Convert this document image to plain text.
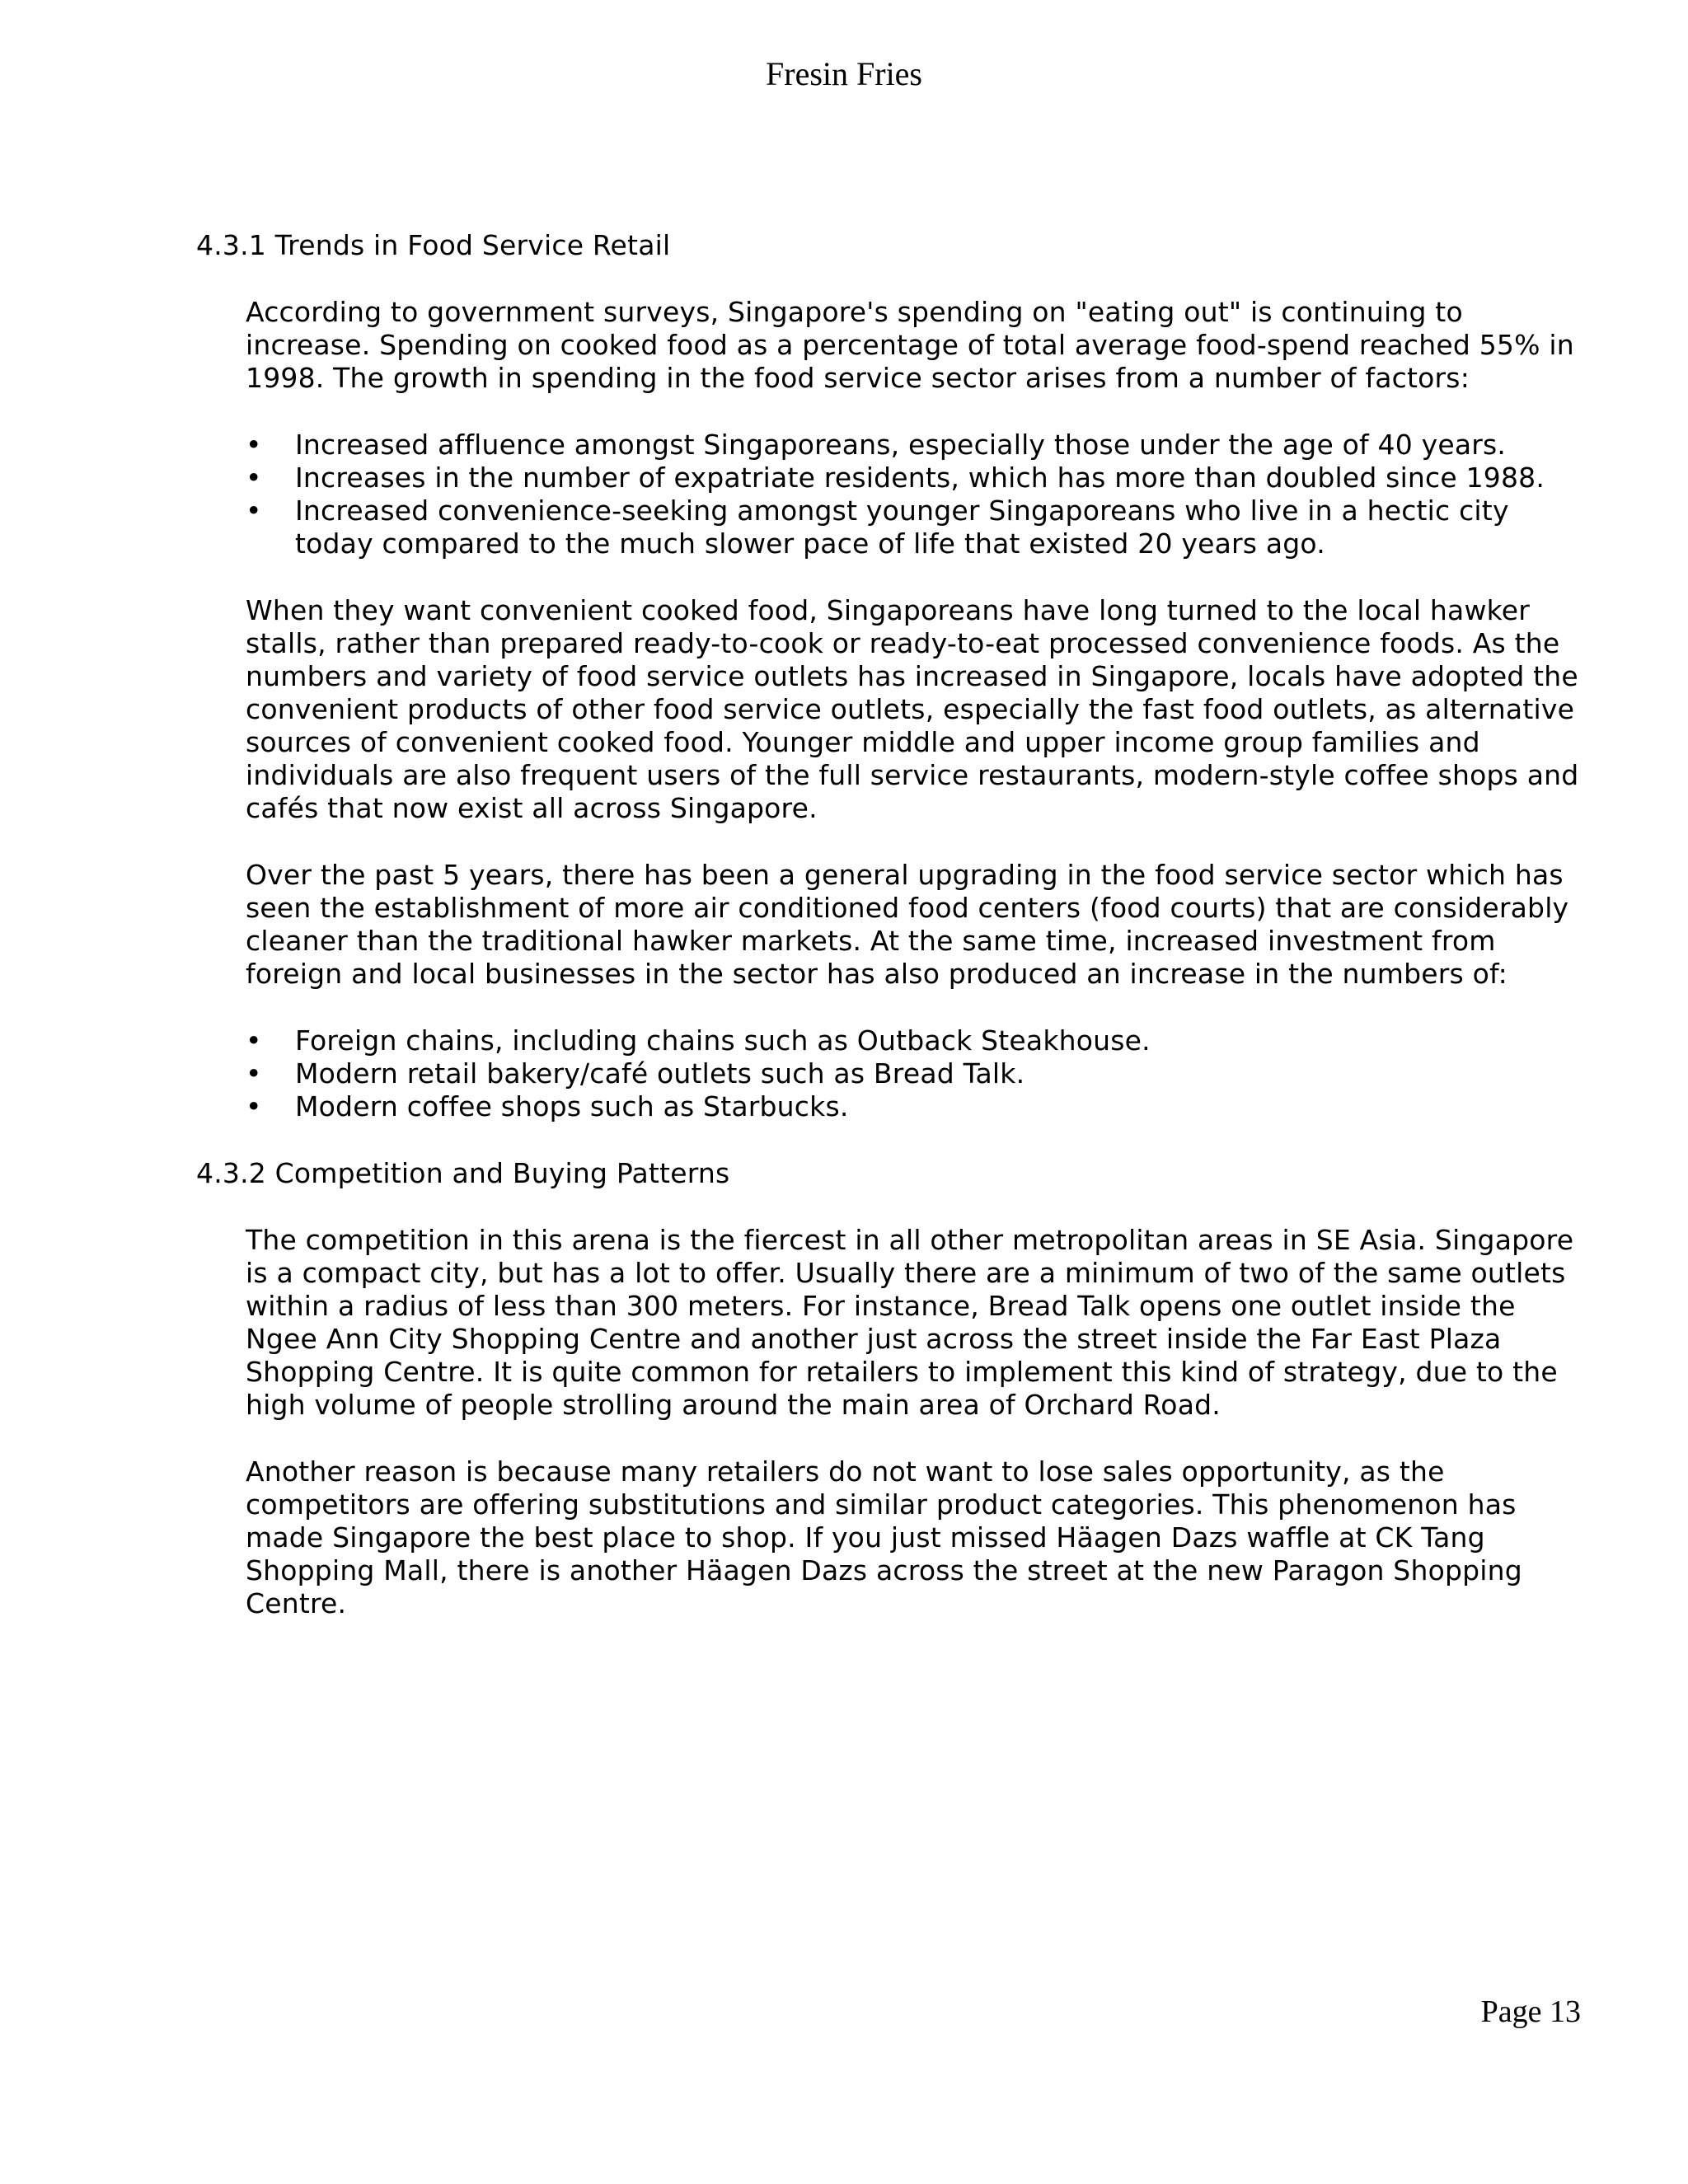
Fresin Fries
4.3.1 Trends in Food Service Retail

According to government surveys, Singapore's spending on "eating out" is continuing to increase. Spending on cooked food as a percentage of total average food-spend reached 55% in 1998. The growth in spending in the food service sector arises from a number of factors:

•	Increased affluence amongst Singaporeans, especially those under the age of 40 years.
•	Increases in the number of expatriate residents, which has more than doubled since 1988.
•	Increased convenience-seeking amongst younger Singaporeans who live in a hectic city today compared to the much slower pace of life that existed 20 years ago.

When they want convenient cooked food, Singaporeans have long turned to the local hawker stalls, rather than prepared ready-to-cook or ready-to-eat processed convenience foods. As the numbers and variety of food service outlets has increased in Singapore, locals have adopted the convenient products of other food service outlets, especially the fast food outlets, as alternative sources of convenient cooked food. Younger middle and upper income group families and individuals are also frequent users of the full service restaurants, modern-style coffee shops and cafés that now exist all across Singapore.

Over the past 5 years, there has been a general upgrading in the food service sector which has seen the establishment of more air conditioned food centers (food courts) that are considerably cleaner than the traditional hawker markets. At the same time, increased investment from foreign and local businesses in the sector has also produced an increase in the numbers of:

•	Foreign chains, including chains such as Outback Steakhouse.
•	Modern retail bakery/café outlets such as Bread Talk.
•	Modern coffee shops such as Starbucks.
4.3.2 Competition and Buying Patterns

The competition in this arena is the fiercest in all other metropolitan areas in SE Asia. Singapore is a compact city, but has a lot to offer. Usually there are a minimum of two of the same outlets within a radius of less than 300 meters. For instance, Bread Talk opens one outlet inside the Ngee Ann City Shopping Centre and another just across the street inside the Far East Plaza Shopping Centre. It is quite common for retailers to implement this kind of strategy, due to the high volume of people strolling around the main area of Orchard Road.

Another reason is because many retailers do not want to lose sales opportunity, as the competitors are offering substitutions and similar product categories. This phenomenon has made Singapore the best place to shop. If you just missed Häagen Dazs waffle at CK Tang Shopping Mall, there is another Häagen Dazs across the street at the new Paragon Shopping Centre.

Page 13
